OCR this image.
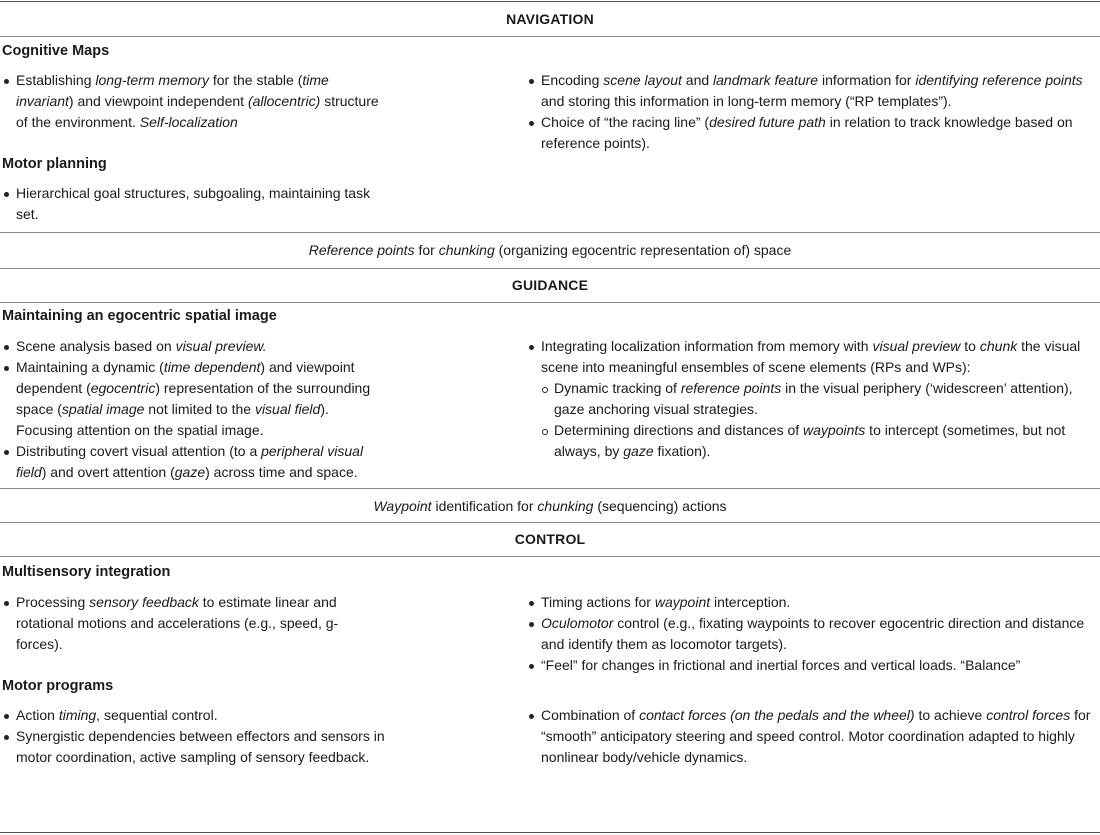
NAVIGATION
Cognitive Maps
Establishing long-term memory for the stable (time invariant) and viewpoint independent (allocentric) structure of the environment. Self-localization
Encoding scene layout and landmark feature information for identifying reference points and storing this information in long-term memory (“RP templates”).
Choice of “the racing line” (desired future path in relation to track knowledge based on reference points).
Motor planning
Hierarchical goal structures, subgoaling, maintaining task set.
Reference points for chunking (organizing egocentric representation of) space
GUIDANCE
Maintaining an egocentric spatial image
Scene analysis based on visual preview.
Maintaining a dynamic (time dependent) and viewpoint dependent (egocentric) representation of the surrounding space (spatial image not limited to the visual field). Focusing attention on the spatial image.
Distributing covert visual attention (to a peripheral visual field) and overt attention (gaze) across time and space.
Integrating localization information from memory with visual preview to chunk the visual scene into meaningful ensembles of scene elements (RPs and WPs):
Dynamic tracking of reference points in the visual periphery (‘widescreen’ attention), gaze anchoring visual strategies.
Determining directions and distances of waypoints to intercept (sometimes, but not always, by gaze fixation).
Waypoint identification for chunking (sequencing) actions
CONTROL
Multisensory integration
Processing sensory feedback to estimate linear and rotational motions and accelerations (e.g., speed, g-forces).
Timing actions for waypoint interception.
Oculomotor control (e.g., fixating waypoints to recover egocentric direction and distance and identify them as locomotor targets).
“Feel” for changes in frictional and inertial forces and vertical loads. “Balance”
Motor programs
Action timing, sequential control.
Synergistic dependencies between effectors and sensors in motor coordination, active sampling of sensory feedback.
Combination of contact forces (on the pedals and the wheel) to achieve control forces for “smooth” anticipatory steering and speed control. Motor coordination adapted to highly nonlinear body/vehicle dynamics.
